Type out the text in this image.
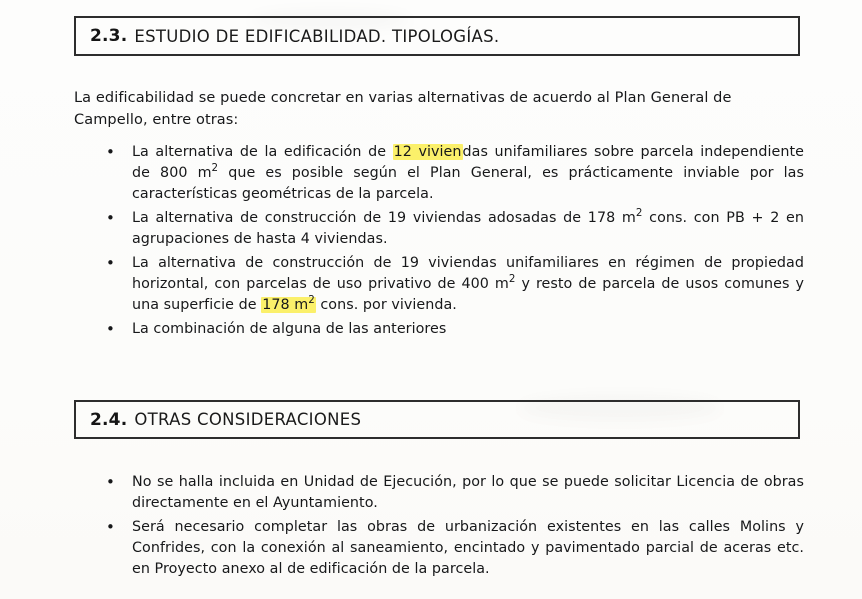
2.3. ESTUDIO DE EDIFICABILIDAD. TIPOLOGÍAS.
La edificabilidad se puede concretar en varias alternativas de acuerdo al Plan General de Campello, entre otras:
• La alternativa de la edificación de 12 viviendas unifamiliares sobre parcela independiente de 800 $m^2$ que es posible según el Plan General, es prácticamente inviable por las características geométricas de la parcela.
• La alternativa de construcción de 19 viviendas adosadas de 178 $m^2$ cons. con PB + 2 en agrupaciones de hasta 4 viviendas.
• La alternativa de construcción de 19 viviendas unifamiliares en régimen de propiedad horizontal, con parcelas de uso privativo de 400 $m^2$ y resto de parcela de usos comunes y una superficie de 178 $m^2$ cons. por vivienda.
• La combinación de alguna de las anteriores
2.4. OTRAS CONSIDERACIONES
• No se halla incluida en Unidad de Ejecución, por lo que se puede solicitar Licencia de obras directamente en el Ayuntamiento.
• Será necesario completar las obras de urbanización existentes en las calles Molins y Confrides, con la conexión al saneamiento, encintado y pavimentado parcial de aceras etc. en Proyecto anexo al de edificación de la parcela.
